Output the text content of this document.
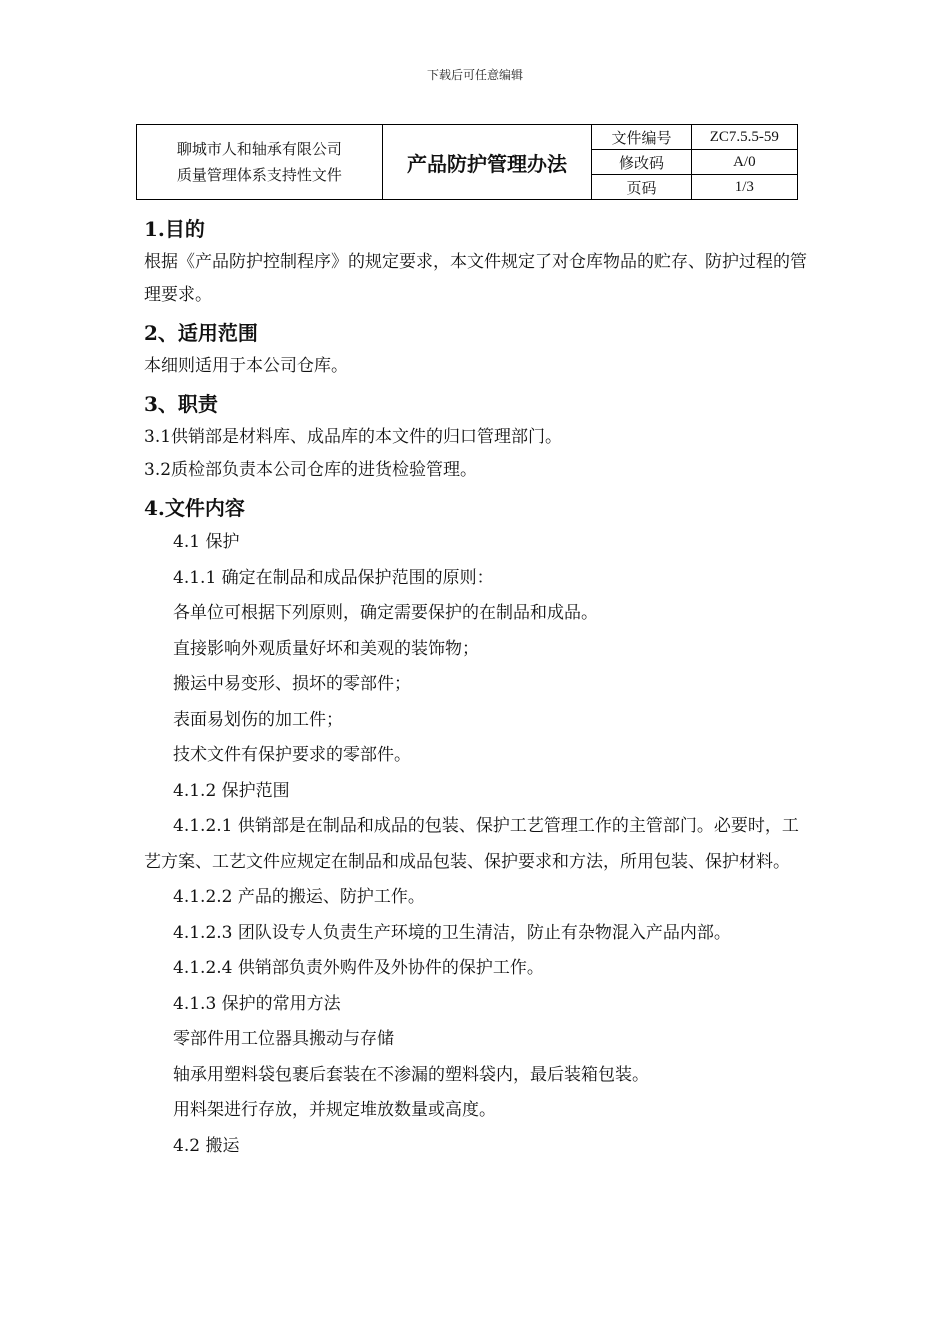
下载后可任意编辑
聊城市人和轴承有限公司
质量管理体系支持性文件	产品防护管理办法	文件编号	ZC7.5.5-59
		修改码	A/0
		页码	1/3

1.目的

根据《产品防护控制程序》的规定要求，本文件规定了对仓库物品的贮存、防护过程的管理要求。

2、适用范围

本细则适用于本公司仓库。

3、职责

3.1供销部是材料库、成品库的本文件的归口管理部门。

3.2质检部负责本公司仓库的进货检验管理。

4.文件内容

4.1 保护

4.1.1 确定在制品和成品保护范围的原则：

各单位可根据下列原则，确定需要保护的在制品和成品。

直接影响外观质量好坏和美观的装饰物；

搬运中易变形、损坏的零部件；

表面易划伤的加工件；

技术文件有保护要求的零部件。

4.1.2 保护范围

4.1.2.1 供销部是在制品和成品的包装、保护工艺管理工作的主管部门。必要时，工艺方案、工艺文件应规定在制品和成品包装、保护要求和方法，所用包装、保护材料。

4.1.2.2 产品的搬运、防护工作。

4.1.2.3 团队设专人负责生产环境的卫生清洁，防止有杂物混入产品内部。

4.1.2.4 供销部负责外购件及外协件的保护工作。

4.1.3 保护的常用方法

零部件用工位器具搬动与存储

轴承用塑料袋包裹后套装在不渗漏的塑料袋内，最后装箱包装。

用料架进行存放，并规定堆放数量或高度。

4.2 搬运
